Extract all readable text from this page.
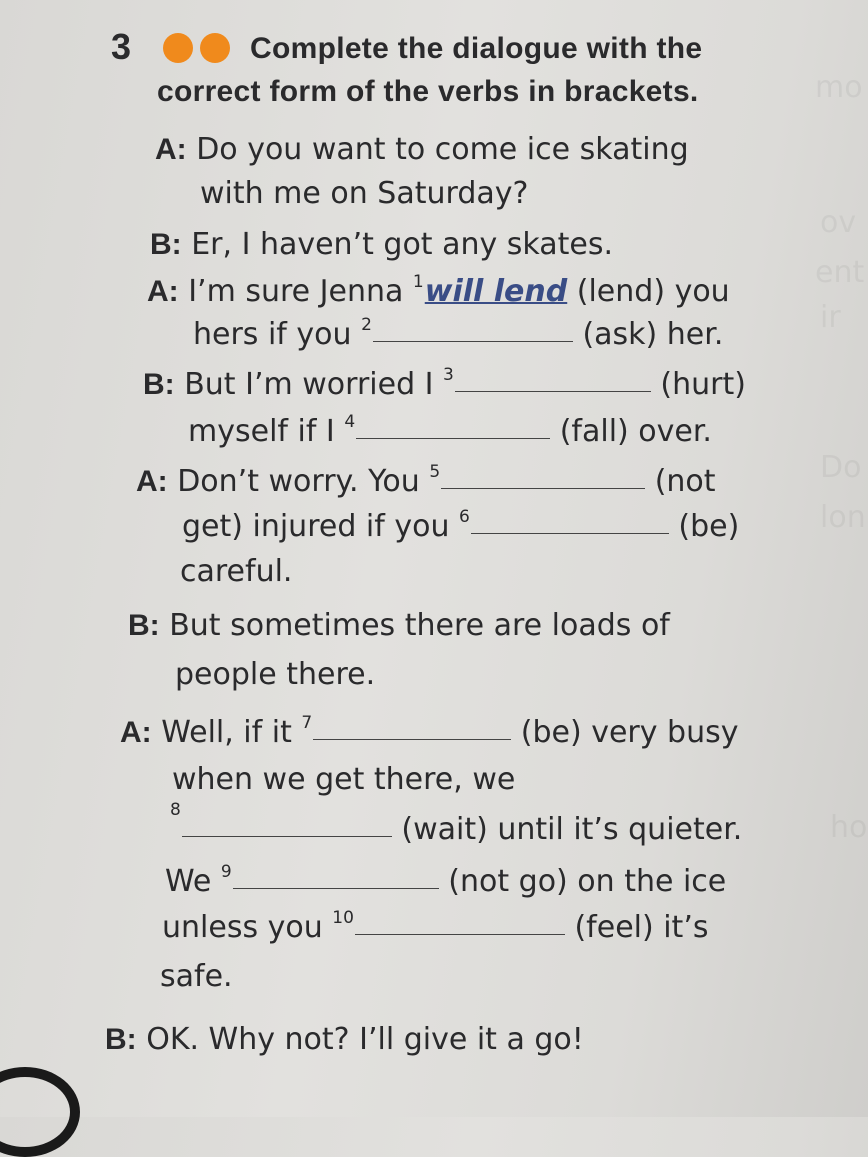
mo
ov
ent
ir
Do
lon
ho
3	Complete the dialogue with the
correct form of the verbs in brackets.
A: Do you want to come ice skating
with me on Saturday?
B: Er, I haven’t got any skates.
A: I’m sure Jenna $^1$will lend (lend) you
hers if you $^2$	(ask) her.
B: But I’m worried I $^3$	(hurt)
myself if I $^4$	(fall) over.
A: Don’t worry. You $^5$	(not
get) injured if you $^6$	(be)
careful.
B: But sometimes there are loads of
people there.
A: Well, if it $^7$	(be) very busy
when we get there, we
$^8$ (wait) until it’s quieter.
We $^9$	(not go) on the ice
unless you $^{10}$	(feel) it’s
safe.
B: OK. Why not? I’ll give it a go!
